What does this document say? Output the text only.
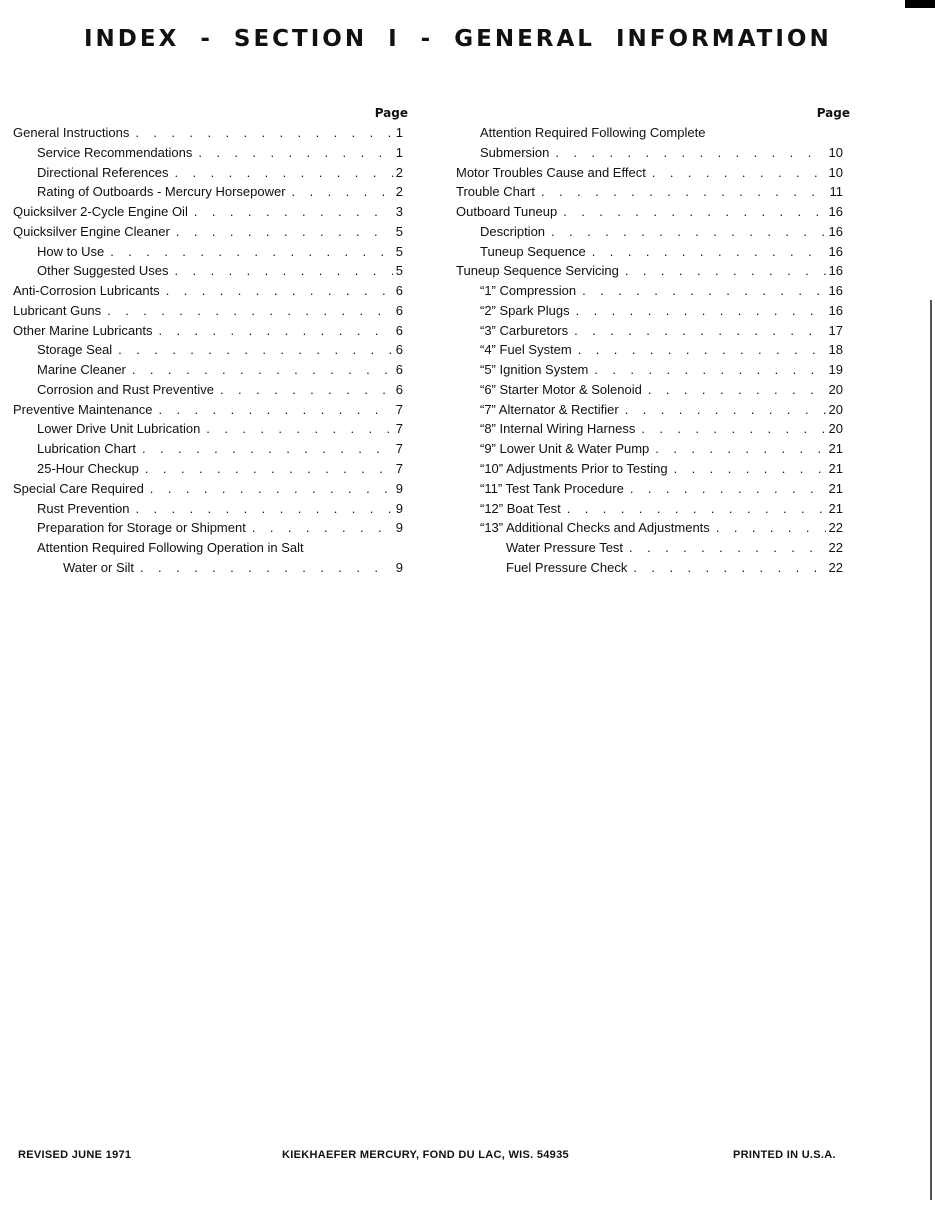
INDEX - SECTION I - GENERAL INFORMATION
Page
General Instructions . . .	1
Service Recommendations . . .	1
Directional References . . .	2
Rating of Outboards - Mercury Horsepower . . .	2
Quicksilver 2-Cycle Engine Oil . . .	3
Quicksilver Engine Cleaner . . .	5
How to Use . . .	5
Other Suggested Uses . . .	5
Anti-Corrosion Lubricants . . .	6
Lubricant Guns . . .	6
Other Marine Lubricants . . .	6
Storage Seal . . .	6
Marine Cleaner . . .	6
Corrosion and Rust Preventive . . .	6
Preventive Maintenance . . .	7
Lower Drive Unit Lubrication . . .	7
Lubrication Chart . . .	7
25-Hour Checkup . . .	7
Special Care Required . . .	9
Rust Prevention . . .	9
Preparation for Storage or Shipment . . .	9
Attention Required Following Operation in Salt
Water or Silt . . .	9
Page
Attention Required Following Complete
Submersion . . .	10
Motor Troubles Cause and Effect . . .	10
Trouble Chart . . .	11
Outboard Tuneup . . .	16
Description . . .	16
Tuneup Sequence . . .	16
Tuneup Sequence Servicing . . .	16
“1” Compression . . .	16
“2” Spark Plugs . . .	16
“3” Carburetors . . .	17
“4” Fuel System . . .	18
“5” Ignition System . . .	19
“6” Starter Motor & Solenoid . . .	20
“7” Alternator & Rectifier . . .	20
“8” Internal Wiring Harness . . .	20
“9” Lower Unit & Water Pump . . .	21
“10” Adjustments Prior to Testing . . .	21
“11” Test Tank Procedure . . .	21
“12” Boat Test . . .	21
“13” Additional Checks and Adjustments . . .	22
Water Pressure Test . . .	22
Fuel Pressure Check . . .	22
REVISED JUNE 1971	KIEKHAEFER MERCURY, FOND DU LAC, WIS. 54935	PRINTED IN U.S.A.
